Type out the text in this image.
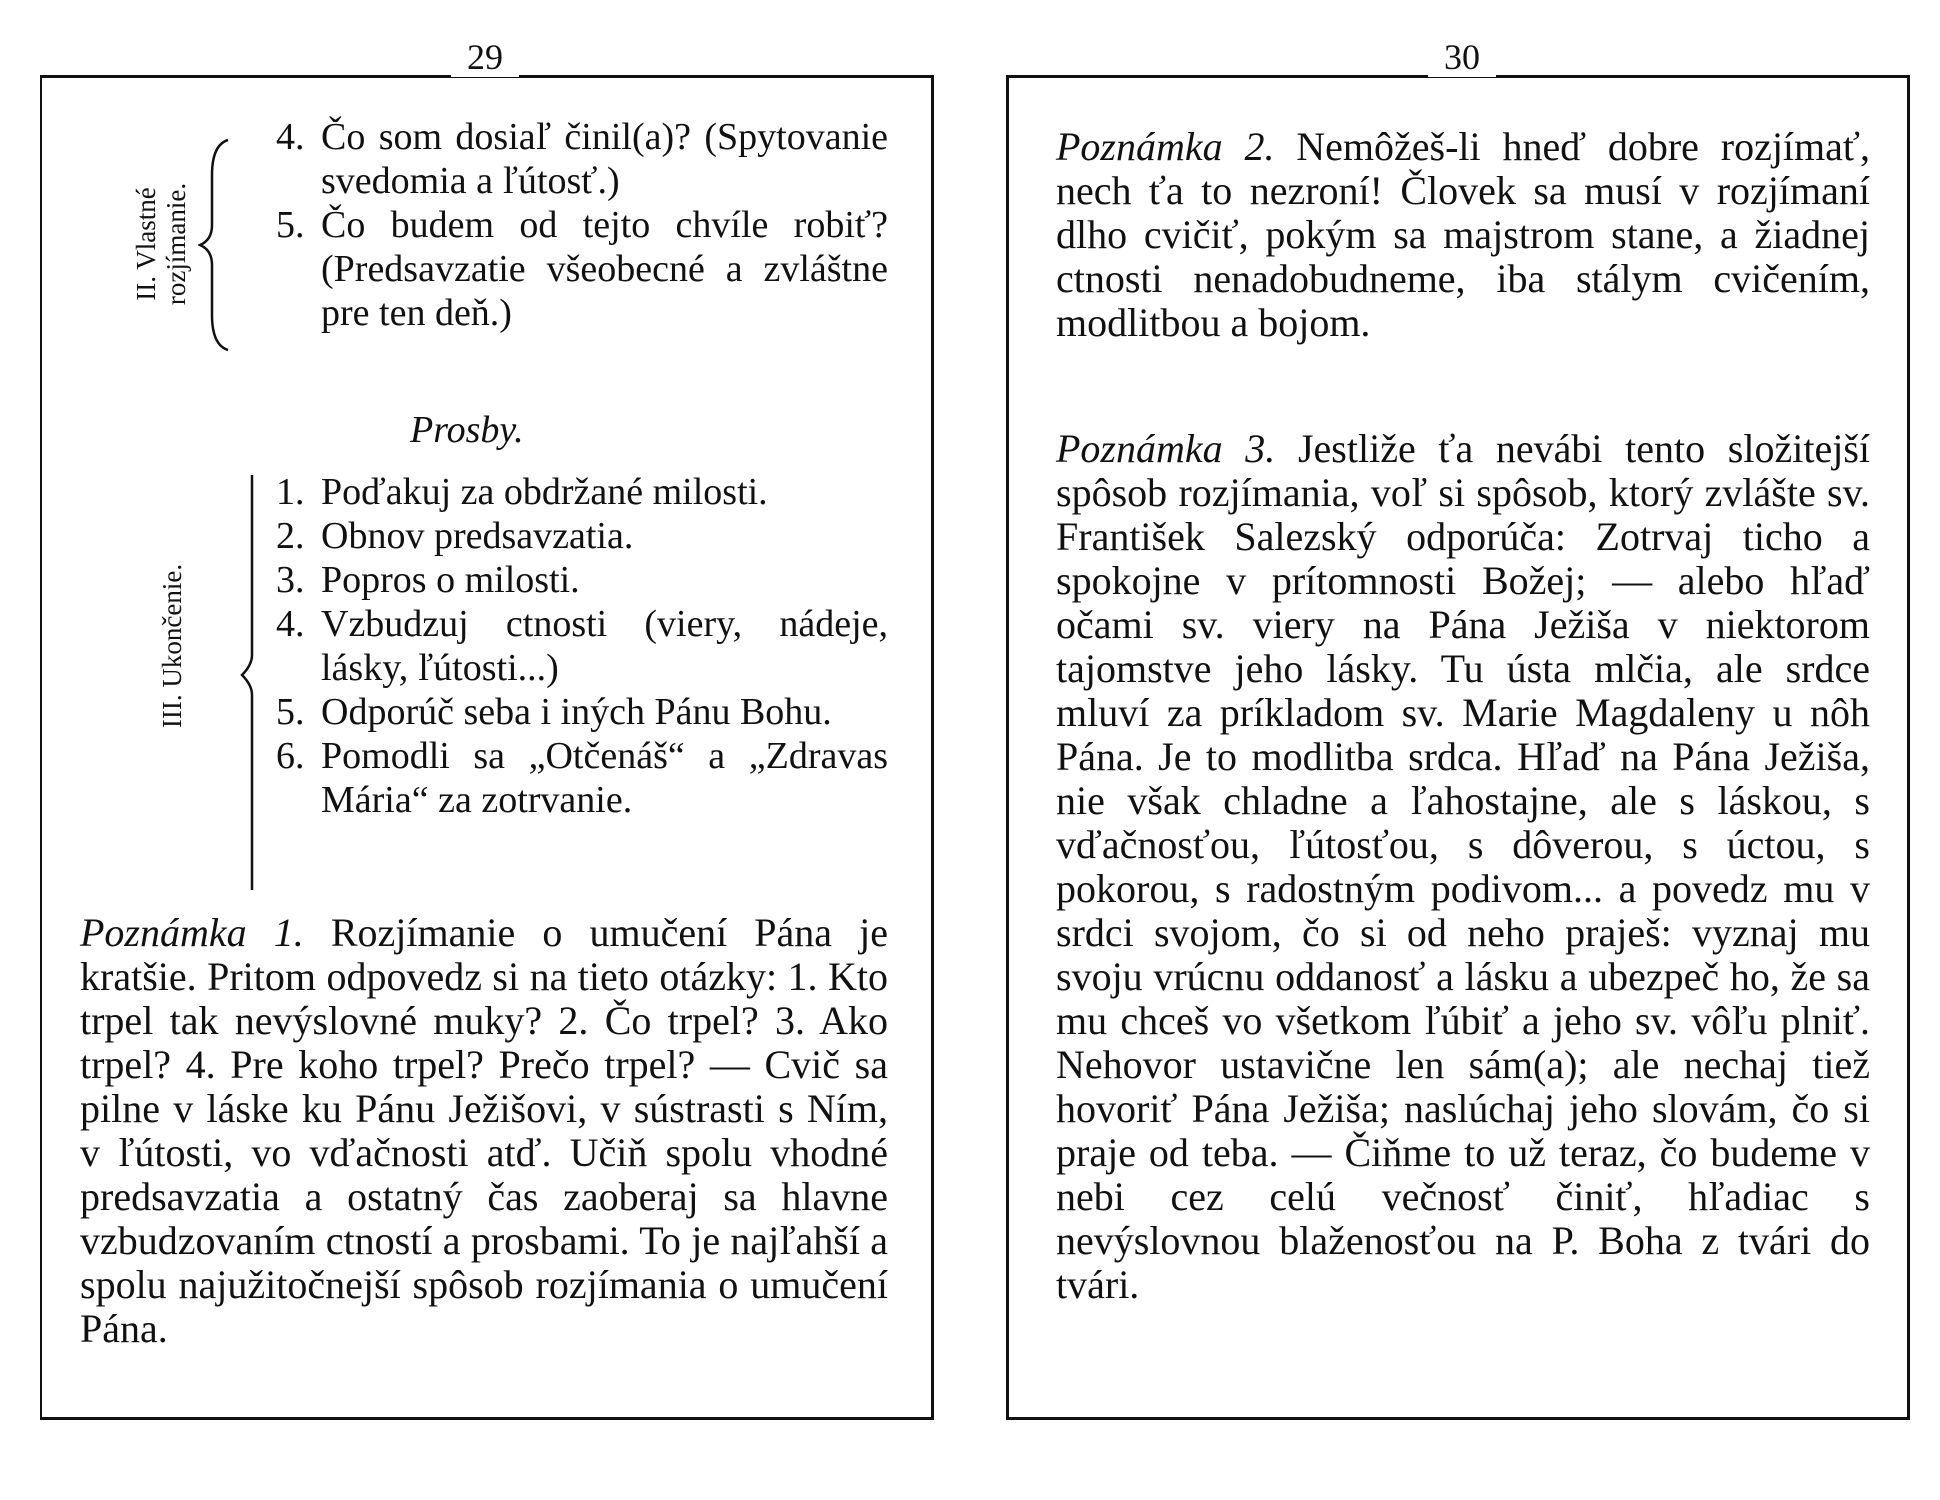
29
II. Vlastné rozjímanie.
4. Čo som dosiaľ činil(a)? (Spytovanie svedomia a ľútosť.)
5. Čo budem od tejto chvíle robiť? (Predsavzatie všeobecné a zvláštne pre ten deň.)
Prosby.
III. Ukončenie.
1. Poďakuj za obdržané milosti.
2. Obnov predsavzatia.
3. Popros o milosti.
4. Vzbudzuj ctnosti (viery, nádeje, lásky, ľútosti...)
5. Odporúč seba i iných Pánu Bohu.
6. Pomodli sa „Otčenáš“ a „Zdravas Mária“ za zotrvanie.

Poznámka 1. Rozjímanie o umučení Pána je kratšie. Pritom odpovedz si na tieto otázky: 1. Kto trpel tak nevýslovné muky? 2. Čo trpel? 3. Ako trpel? 4. Pre koho trpel? Prečo trpel? — Cvič sa pilne v láske ku Pánu Ježišovi, v sústrasti s Ním, v ľútosti, vo vďačnosti atď. Učiň spolu vhodné predsavzatia a ostatný čas zaoberaj sa hlavne vzbudzovaním ctností a prosbami. To je najľahší a spolu najužitočnejší spôsob rozjímania o umučení Pána.

30

Poznámka 2. Nemôžeš-li hneď dobre rozjímať, nech ťa to nezroní! Človek sa musí v rozjímaní dlho cvičiť, pokým sa majstrom stane, a žiadnej ctnosti nenadobudneme, iba stálym cvičením, modlitbou a bojom.

Poznámka 3. Jestliže ťa nevábi tento složitejší spôsob rozjímania, voľ si spôsob, ktorý zvlášte sv. František Salezský odporúča: Zotrvaj ticho a spokojne v prítomnosti Božej; — alebo hľaď očami sv. viery na Pána Ježiša v niektorom tajomstve jeho lásky. Tu ústa mlčia, ale srdce mluví za príkladom sv. Marie Magdaleny u nôh Pána. Je to modlitba srdca. Hľaď na Pána Ježiša, nie však chladne a ľahostajne, ale s láskou, s vďačnosťou, ľútosťou, s dôverou, s úctou, s pokorou, s radostným podivom... a povedz mu v srdci svojom, čo si od neho praješ: vyznaj mu svoju vrúcnu oddanosť a lásku a ubezpeč ho, že sa mu chceš vo všetkom ľúbiť a jeho sv. vôľu plniť. Nehovor ustavične len sám(a); ale nechaj tiež hovoriť Pána Ježiša; naslúchaj jeho slovám, čo si praje od teba. — Čiňme to už teraz, čo budeme v nebi cez celú večnosť činiť, hľadiac s nevýslovnou blaženosťou na P. Boha z tvári do tvári.
